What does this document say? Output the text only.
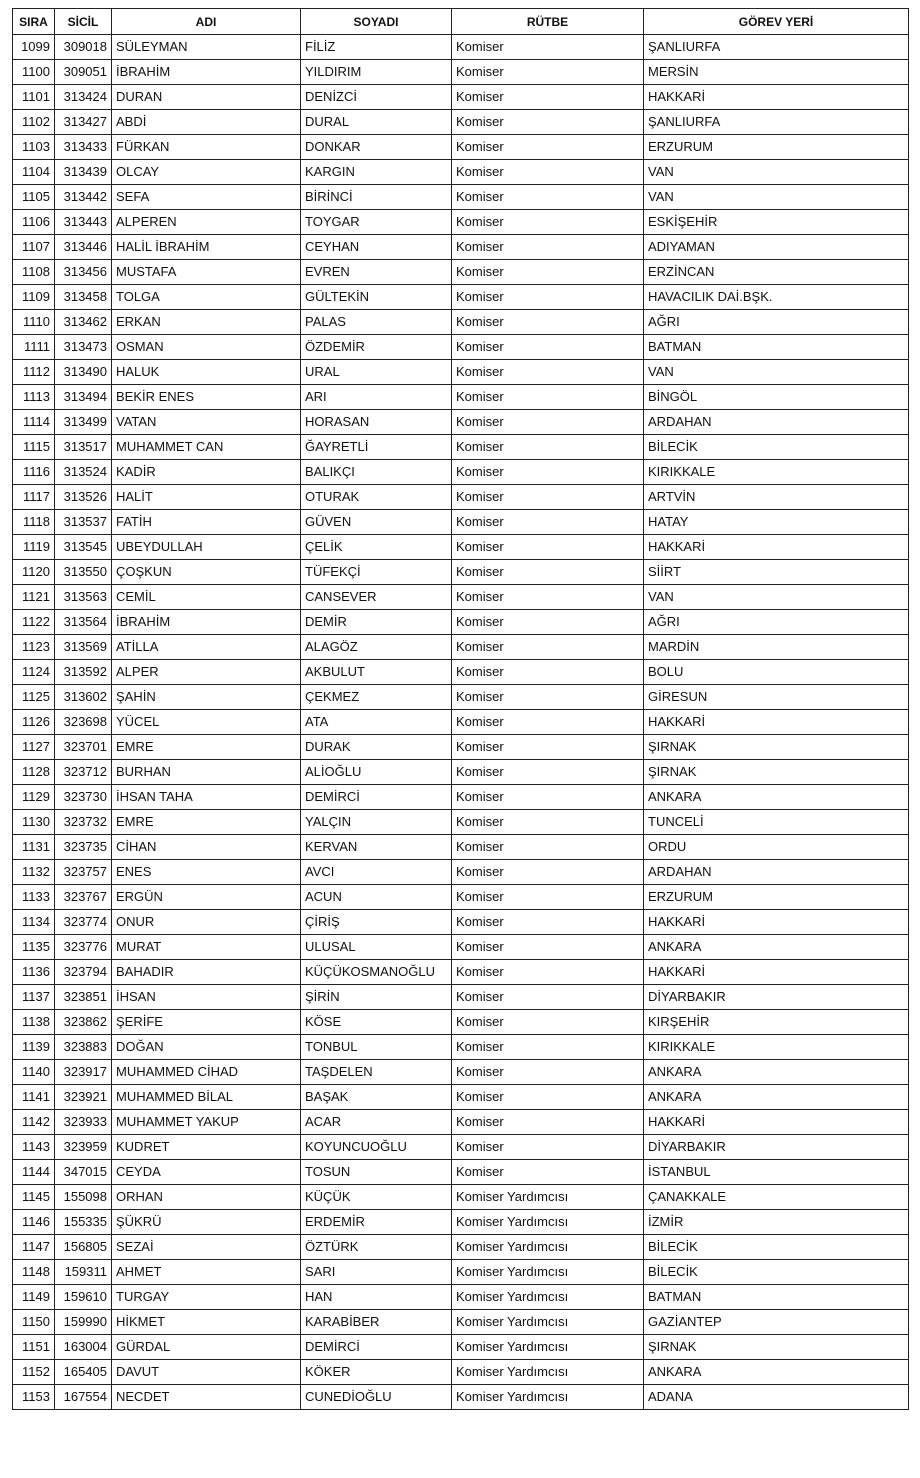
SIRA	SİCİL	ADI	SOYADI	RÜTBE	GÖREV YERİ
1099	309018	SÜLEYMAN	FİLİZ	Komiser	ŞANLIURFA
1100	309051	İBRAHİM	YILDIRIM	Komiser	MERSİN
1101	313424	DURAN	DENİZCİ	Komiser	HAKKARİ
1102	313427	ABDİ	DURAL	Komiser	ŞANLIURFA
1103	313433	FÜRKAN	DONKAR	Komiser	ERZURUM
1104	313439	OLCAY	KARGIN	Komiser	VAN
1105	313442	SEFA	BİRİNCİ	Komiser	VAN
1106	313443	ALPEREN	TOYGAR	Komiser	ESKİŞEHİR
1107	313446	HALİL İBRAHİM	CEYHAN	Komiser	ADIYAMAN
1108	313456	MUSTAFA	EVREN	Komiser	ERZİNCAN
1109	313458	TOLGA	GÜLTEKİN	Komiser	HAVACILIK DAİ.BŞK.
1110	313462	ERKAN	PALAS	Komiser	AĞRI
1111	313473	OSMAN	ÖZDEMİR	Komiser	BATMAN
1112	313490	HALUK	URAL	Komiser	VAN
1113	313494	BEKİR ENES	ARI	Komiser	BİNGÖL
1114	313499	VATAN	HORASAN	Komiser	ARDAHAN
1115	313517	MUHAMMET CAN	ĞAYRETLİ	Komiser	BİLECİK
1116	313524	KADİR	BALIKÇI	Komiser	KIRIKKALE
1117	313526	HALİT	OTURAK	Komiser	ARTVİN
1118	313537	FATİH	GÜVEN	Komiser	HATAY
1119	313545	UBEYDULLAH	ÇELİK	Komiser	HAKKARİ
1120	313550	ÇOŞKUN	TÜFEKÇİ	Komiser	SİİRT
1121	313563	CEMİL	CANSEVER	Komiser	VAN
1122	313564	İBRAHİM	DEMİR	Komiser	AĞRI
1123	313569	ATİLLA	ALAGÖZ	Komiser	MARDİN
1124	313592	ALPER	AKBULUT	Komiser	BOLU
1125	313602	ŞAHİN	ÇEKMEZ	Komiser	GİRESUN
1126	323698	YÜCEL	ATA	Komiser	HAKKARİ
1127	323701	EMRE	DURAK	Komiser	ŞIRNAK
1128	323712	BURHAN	ALİOĞLU	Komiser	ŞIRNAK
1129	323730	İHSAN TAHA	DEMİRCİ	Komiser	ANKARA
1130	323732	EMRE	YALÇIN	Komiser	TUNCELİ
1131	323735	CİHAN	KERVAN	Komiser	ORDU
1132	323757	ENES	AVCI	Komiser	ARDAHAN
1133	323767	ERGÜN	ACUN	Komiser	ERZURUM
1134	323774	ONUR	ÇİRİŞ	Komiser	HAKKARİ
1135	323776	MURAT	ULUSAL	Komiser	ANKARA
1136	323794	BAHADIR	KÜÇÜKOSMANOĞLU	Komiser	HAKKARİ
1137	323851	İHSAN	ŞİRİN	Komiser	DİYARBAKIR
1138	323862	ŞERİFE	KÖSE	Komiser	KIRŞEHİR
1139	323883	DOĞAN	TONBUL	Komiser	KIRIKKALE
1140	323917	MUHAMMED CİHAD	TAŞDELEN	Komiser	ANKARA
1141	323921	MUHAMMED BİLAL	BAŞAK	Komiser	ANKARA
1142	323933	MUHAMMET YAKUP	ACAR	Komiser	HAKKARİ
1143	323959	KUDRET	KOYUNCUOĞLU	Komiser	DİYARBAKIR
1144	347015	CEYDA	TOSUN	Komiser	İSTANBUL
1145	155098	ORHAN	KÜÇÜK	Komiser Yardımcısı	ÇANAKKALE
1146	155335	ŞÜKRÜ	ERDEMİR	Komiser Yardımcısı	İZMİR
1147	156805	SEZAİ	ÖZTÜRK	Komiser Yardımcısı	BİLECİK
1148	159311	AHMET	SARI	Komiser Yardımcısı	BİLECİK
1149	159610	TURGAY	HAN	Komiser Yardımcısı	BATMAN
1150	159990	HİKMET	KARABİBER	Komiser Yardımcısı	GAZİANTEP
1151	163004	GÜRDAL	DEMİRCİ	Komiser Yardımcısı	ŞIRNAK
1152	165405	DAVUT	KÖKER	Komiser Yardımcısı	ANKARA
1153	167554	NECDET	CUNEDİOĞLU	Komiser Yardımcısı	ADANA
